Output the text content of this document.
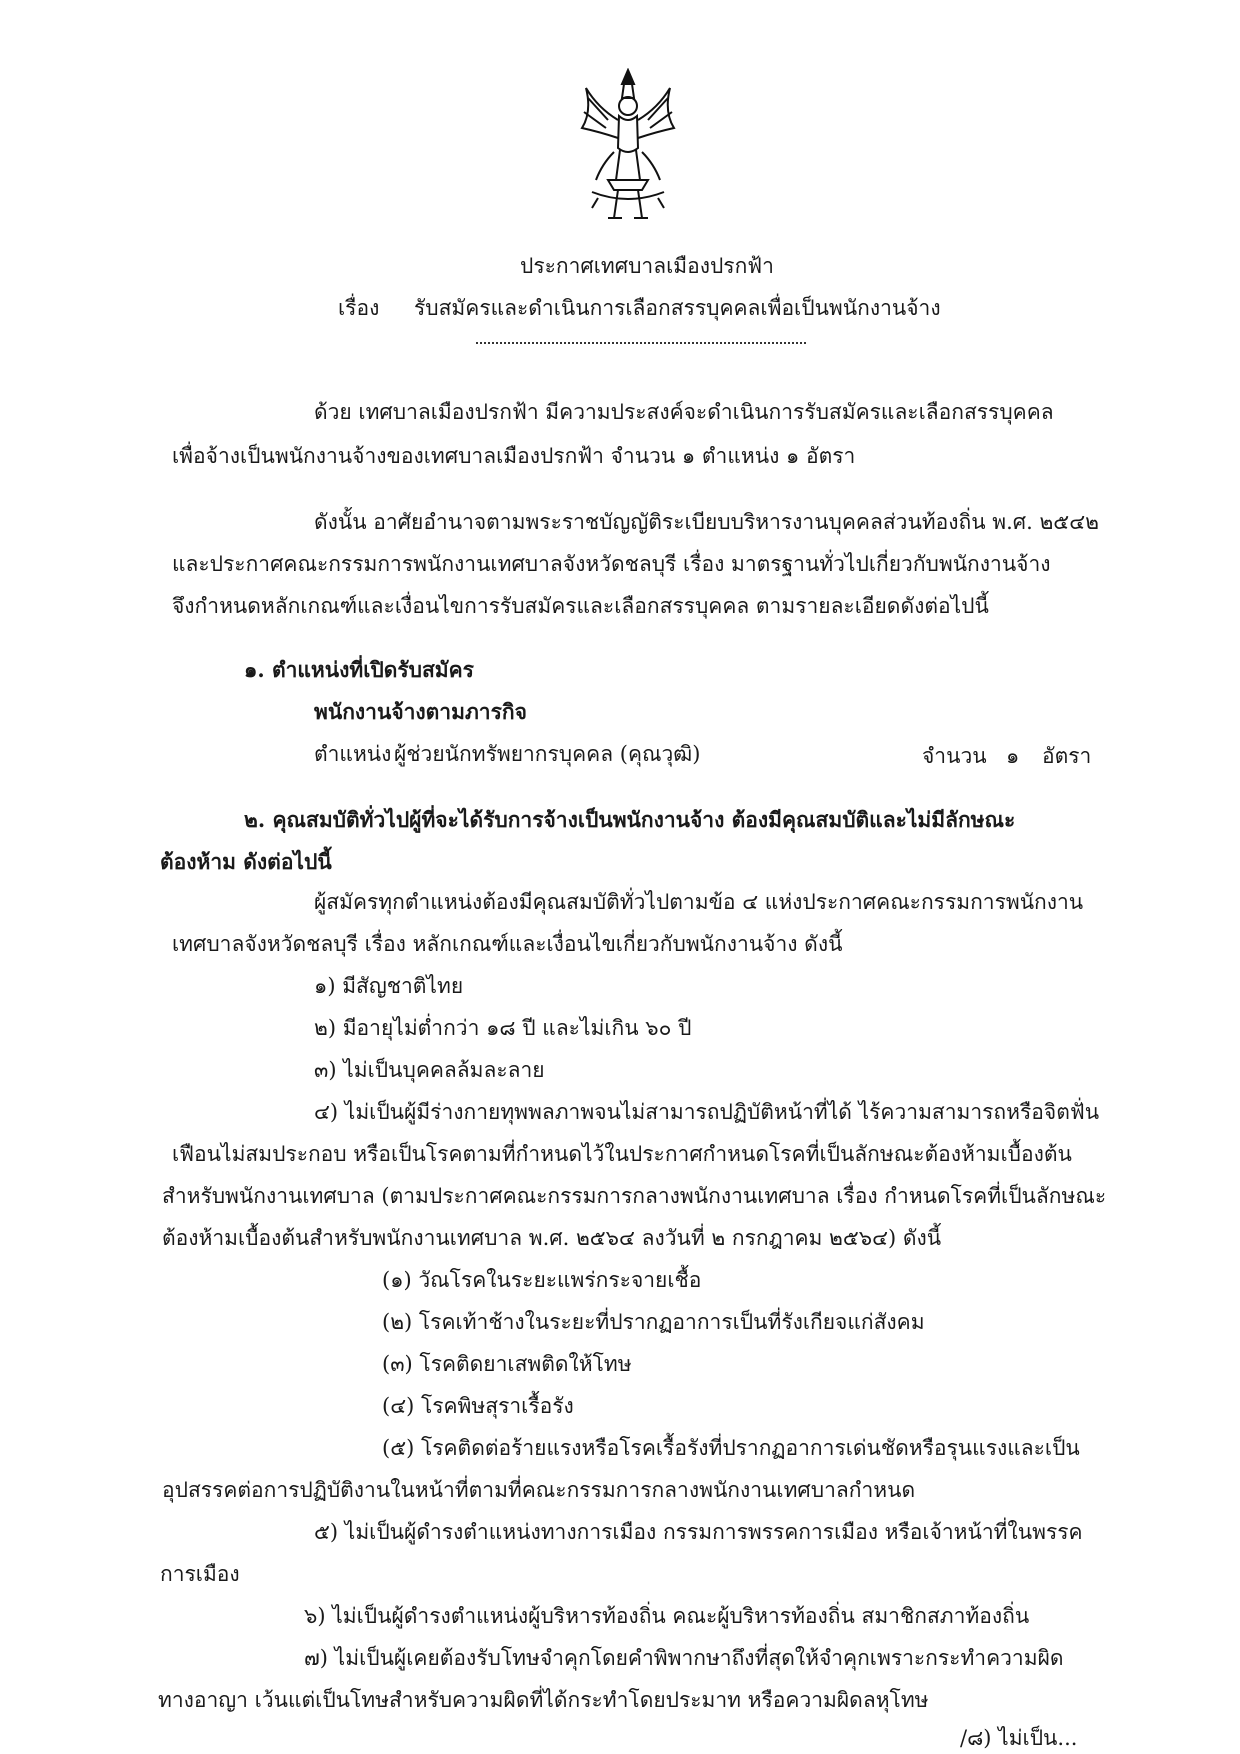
ประกาศเทศบาลเมืองปรกฟ้า
เรื่อง รับสมัครและดำเนินการเลือกสรรบุคคลเพื่อเป็นพนักงานจ้าง
ด้วย เทศบาลเมืองปรกฟ้า มีความประสงค์จะดำเนินการรับสมัครและเลือกสรรบุคคล
เพื่อจ้างเป็นพนักงานจ้างของเทศบาลเมืองปรกฟ้า จำนวน ๑ ตำแหน่ง ๑ อัตรา
ดังนั้น อาศัยอำนาจตามพระราชบัญญัติระเบียบบริหารงานบุคคลส่วนท้องถิ่น พ.ศ. ๒๕๔๒
และประกาศคณะกรรมการพนักงานเทศบาลจังหวัดชลบุรี เรื่อง มาตรฐานทั่วไปเกี่ยวกับพนักงานจ้าง
จึงกำหนดหลักเกณฑ์และเงื่อนไขการรับสมัครและเลือกสรรบุคคล ตามรายละเอียดดังต่อไปนี้
๑. ตำแหน่งที่เปิดรับสมัคร
พนักงานจ้างตามภารกิจ
ตำแหน่ง ผู้ช่วยนักทรัพยากรบุคคล (คุณวุฒิ)	จำนวน ๑ อัตรา
๒. คุณสมบัติทั่วไปผู้ที่จะได้รับการจ้างเป็นพนักงานจ้าง ต้องมีคุณสมบัติและไม่มีลักษณะ
ต้องห้าม ดังต่อไปนี้
ผู้สมัครทุกตำแหน่งต้องมีคุณสมบัติทั่วไปตามข้อ ๔ แห่งประกาศคณะกรรมการพนักงาน
เทศบาลจังหวัดชลบุรี เรื่อง หลักเกณฑ์และเงื่อนไขเกี่ยวกับพนักงานจ้าง ดังนี้
๑) มีสัญชาติไทย
๒) มีอายุไม่ต่ำกว่า ๑๘ ปี และไม่เกิน ๖๐ ปี
๓) ไม่เป็นบุคคลล้มละลาย
๔) ไม่เป็นผู้มีร่างกายทุพพลภาพจนไม่สามารถปฏิบัติหน้าที่ได้ ไร้ความสามารถหรือจิตฟั่น
เฟือนไม่สมประกอบ หรือเป็นโรคตามที่กำหนดไว้ในประกาศกำหนดโรคที่เป็นลักษณะต้องห้ามเบื้องต้น
สำหรับพนักงานเทศบาล (ตามประกาศคณะกรรมการกลางพนักงานเทศบาล เรื่อง กำหนดโรคที่เป็นลักษณะ
ต้องห้ามเบื้องต้นสำหรับพนักงานเทศบาล พ.ศ. ๒๕๖๔ ลงวันที่ ๒ กรกฎาคม ๒๕๖๔) ดังนี้
(๑) วัณโรคในระยะแพร่กระจายเชื้อ
(๒) โรคเท้าช้างในระยะที่ปรากฏอาการเป็นที่รังเกียจแก่สังคม
(๓) โรคติดยาเสพติดให้โทษ
(๔) โรคพิษสุราเรื้อรัง
(๕) โรคติดต่อร้ายแรงหรือโรคเรื้อรังที่ปรากฏอาการเด่นชัดหรือรุนแรงและเป็น
อุปสรรคต่อการปฏิบัติงานในหน้าที่ตามที่คณะกรรมการกลางพนักงานเทศบาลกำหนด
๕) ไม่เป็นผู้ดำรงตำแหน่งทางการเมือง กรรมการพรรคการเมือง หรือเจ้าหน้าที่ในพรรค
การเมือง
๖) ไม่เป็นผู้ดำรงตำแหน่งผู้บริหารท้องถิ่น คณะผู้บริหารท้องถิ่น สมาชิกสภาท้องถิ่น
๗) ไม่เป็นผู้เคยต้องรับโทษจำคุกโดยคำพิพากษาถึงที่สุดให้จำคุกเพราะกระทำความผิด
ทางอาญา เว้นแต่เป็นโทษสำหรับความผิดที่ได้กระทำโดยประมาท หรือความผิดลหุโทษ
/๘) ไม่เป็น...
